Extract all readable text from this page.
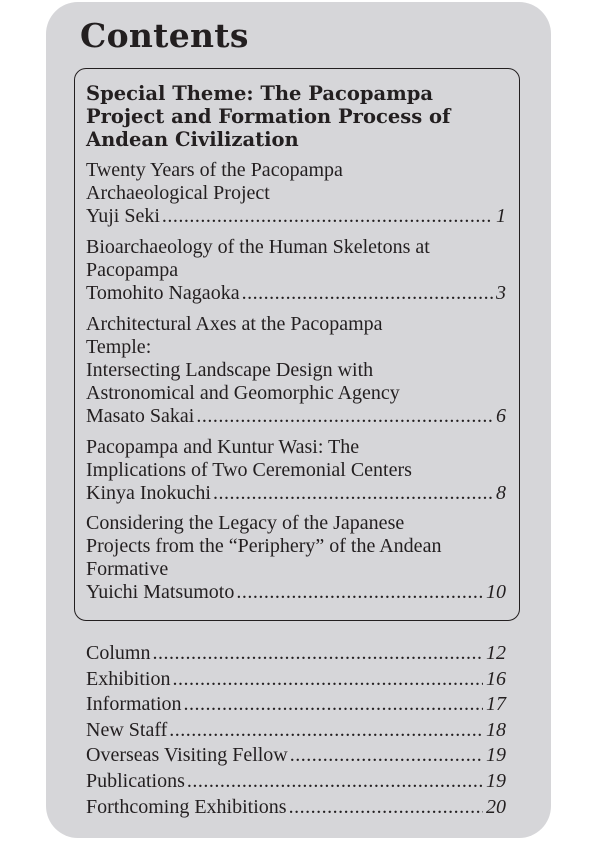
Contents
Special Theme: The Pacopampa Project and Formation Process of Andean Civilization
Twenty Years of the Pacopampa
Archaeological Project
Yuji Seki .....	1
Bioarchaeology of the Human Skeletons at
Pacopampa
Tomohito Nagaoka .....	3
Architectural Axes at the Pacopampa
Temple:
Intersecting Landscape Design with
Astronomical and Geomorphic Agency
Masato Sakai .....	6
Pacopampa and Kuntur Wasi: The
Implications of Two Ceremonial Centers
Kinya Inokuchi .....	8
Considering the Legacy of the Japanese
Projects from the “Periphery” of the Andean
Formative
Yuichi Matsumoto .....	10
Column .....	12
Exhibition .....	16
Information .....	17
New Staff .....	18
Overseas Visiting Fellow .....	19
Publications .....	19
Forthcoming Exhibitions .....	20
